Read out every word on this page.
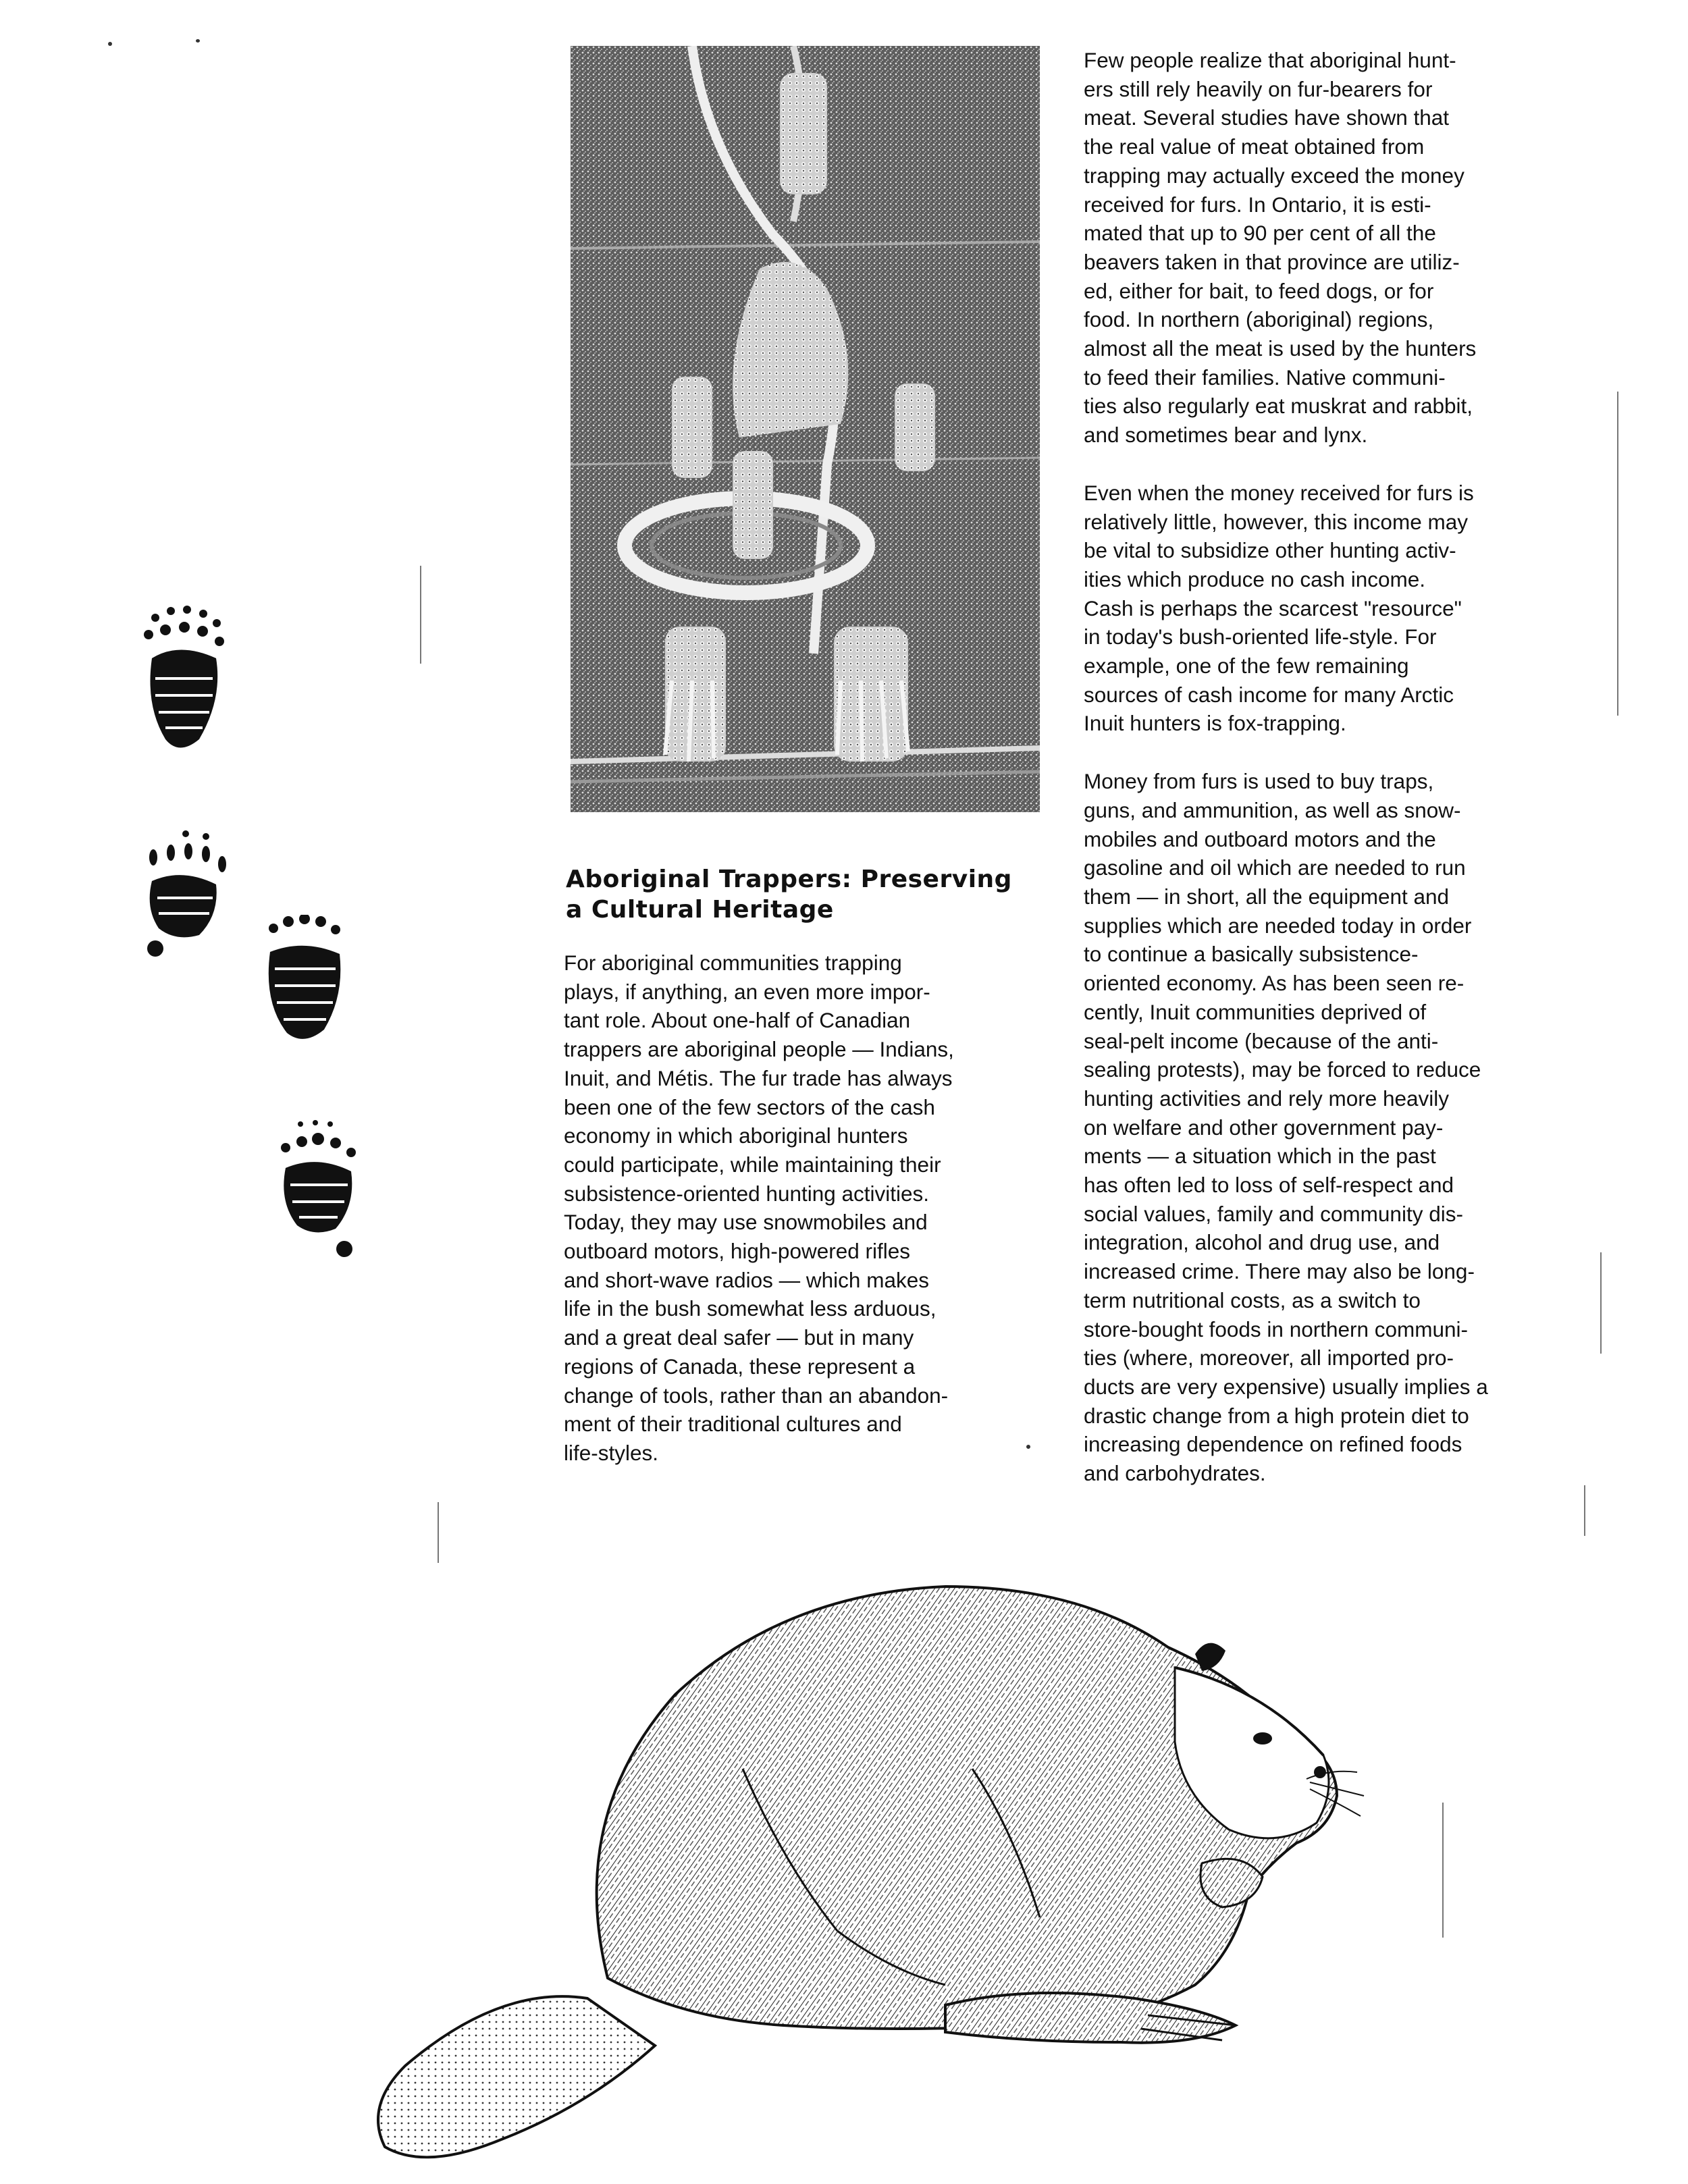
Aboriginal Trappers: Preserving
a Cultural Heritage

For aboriginal communities trapping
plays, if anything, an even more impor-
tant role. About one-half of Canadian
trappers are aboriginal people — Indians,
Inuit, and Métis. The fur trade has always
been one of the few sectors of the cash
economy in which aboriginal hunters
could participate, while maintaining their
subsistence-oriented hunting activities.
Today, they may use snowmobiles and
outboard motors, high-powered rifles
and short-wave radios — which makes
life in the bush somewhat less arduous,
and a great deal safer — but in many
regions of Canada, these represent a
change of tools, rather than an abandon-
ment of their traditional cultures and
life-styles.

Few people realize that aboriginal hunt-
ers still rely heavily on fur-bearers for
meat. Several studies have shown that
the real value of meat obtained from
trapping may actually exceed the money
received for furs. In Ontario, it is esti-
mated that up to 90 per cent of all the
beavers taken in that province are utiliz-
ed, either for bait, to feed dogs, or for
food. In northern (aboriginal) regions,
almost all the meat is used by the hunters
to feed their families. Native communi-
ties also regularly eat muskrat and rabbit,
and sometimes bear and lynx.

Even when the money received for furs is
relatively little, however, this income may
be vital to subsidize other hunting activ-
ities which produce no cash income.
Cash is perhaps the scarcest "resource"
in today's bush-oriented life-style. For
example, one of the few remaining
sources of cash income for many Arctic
Inuit hunters is fox-trapping.

Money from furs is used to buy traps,
guns, and ammunition, as well as snow-
mobiles and outboard motors and the
gasoline and oil which are needed to run
them — in short, all the equipment and
supplies which are needed today in order
to continue a basically subsistence-
oriented economy. As has been seen re-
cently, Inuit communities deprived of
seal-pelt income (because of the anti-
sealing protests), may be forced to reduce
hunting activities and rely more heavily
on welfare and other government pay-
ments — a situation which in the past
has often led to loss of self-respect and
social values, family and community dis-
integration, alcohol and drug use, and
increased crime. There may also be long-
term nutritional costs, as a switch to
store-bought foods in northern communi-
ties (where, moreover, all imported pro-
ducts are very expensive) usually implies a
drastic change from a high protein diet to
increasing dependence on refined foods
and carbohydrates.
